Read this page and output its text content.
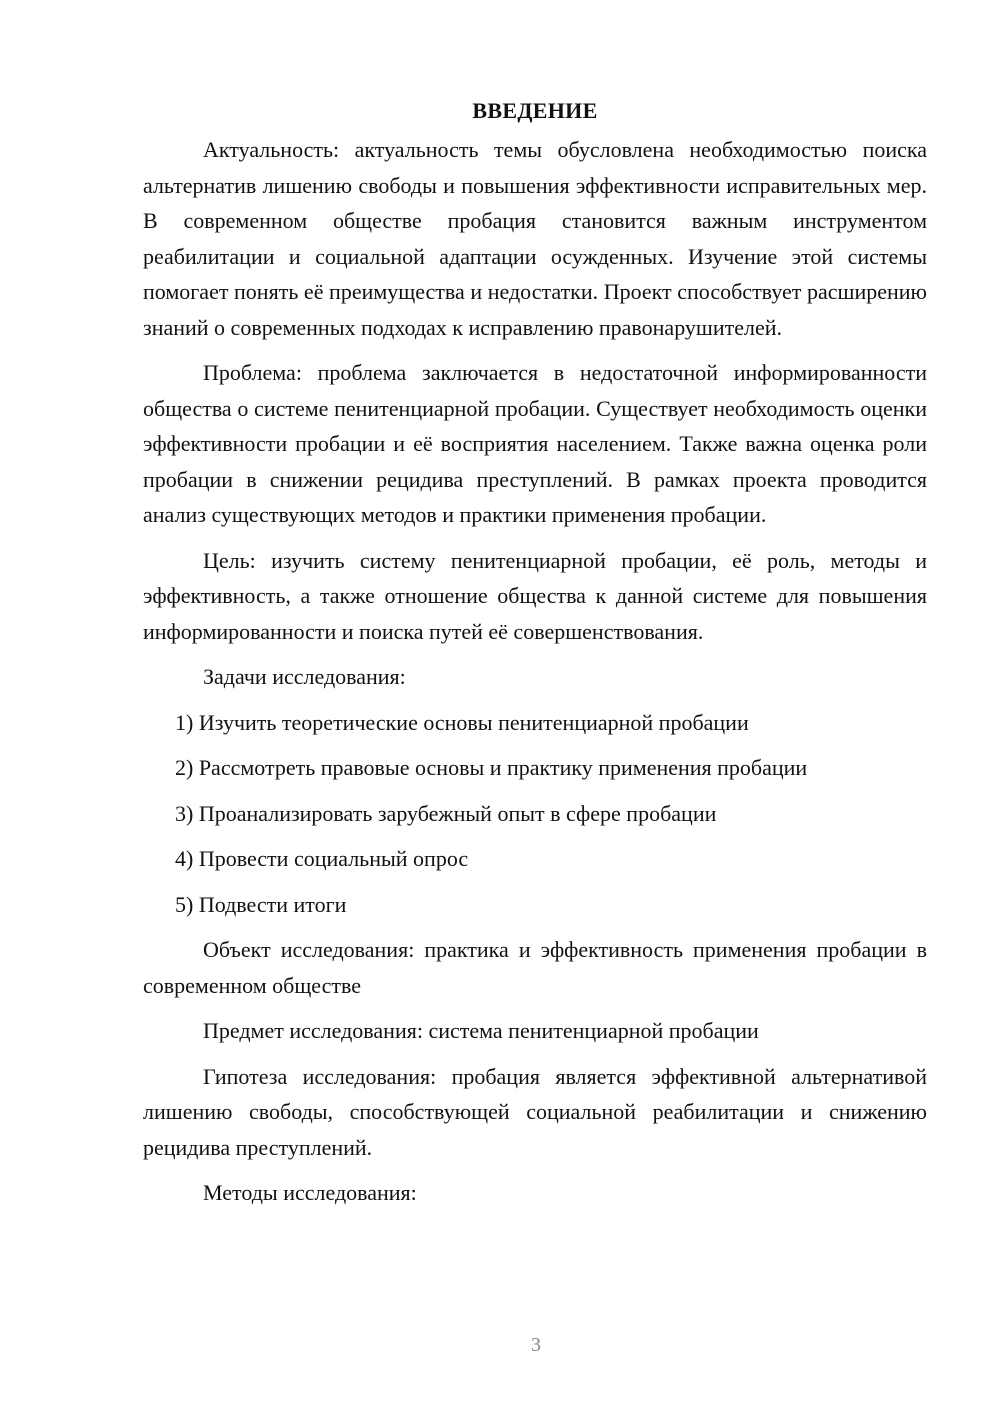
ВВЕДЕНИЕ

Актуальность: актуальность темы обусловлена необходимостью поиска альтернатив лишению свободы и повышения эффективности исправительных мер. В современном обществе пробация становится важным инструментом реабилитации и социальной адаптации осужденных. Изучение этой системы помогает понять её преимущества и недостатки. Проект способствует расширению знаний о современных подходах к исправлению правонарушителей.

Проблема: проблема заключается в недостаточной информированности общества о системе пенитенциарной пробации. Существует необходимость оценки эффективности пробации и её восприятия населением. Также важна оценка роли пробации в снижении рецидива преступлений. В рамках проекта проводится анализ существующих методов и практики применения пробации.

Цель: изучить систему пенитенциарной пробации, её роль, методы и эффективность, а также отношение общества к данной системе для повышения информированности и поиска путей её совершенствования.

Задачи исследования:

1) Изучить теоретические основы пенитенциарной пробации
2) Рассмотреть правовые основы и практику применения пробации
3) Проанализировать зарубежный опыт в сфере пробации
4) Провести социальный опрос
5) Подвести итоги

Объект исследования: практика и эффективность применения пробации в современном обществе

Предмет исследования: система пенитенциарной пробации

Гипотеза исследования: пробация является эффективной альтернативой лишению свободы, способствующей социальной реабилитации и снижению рецидива преступлений.

Методы исследования:

3
